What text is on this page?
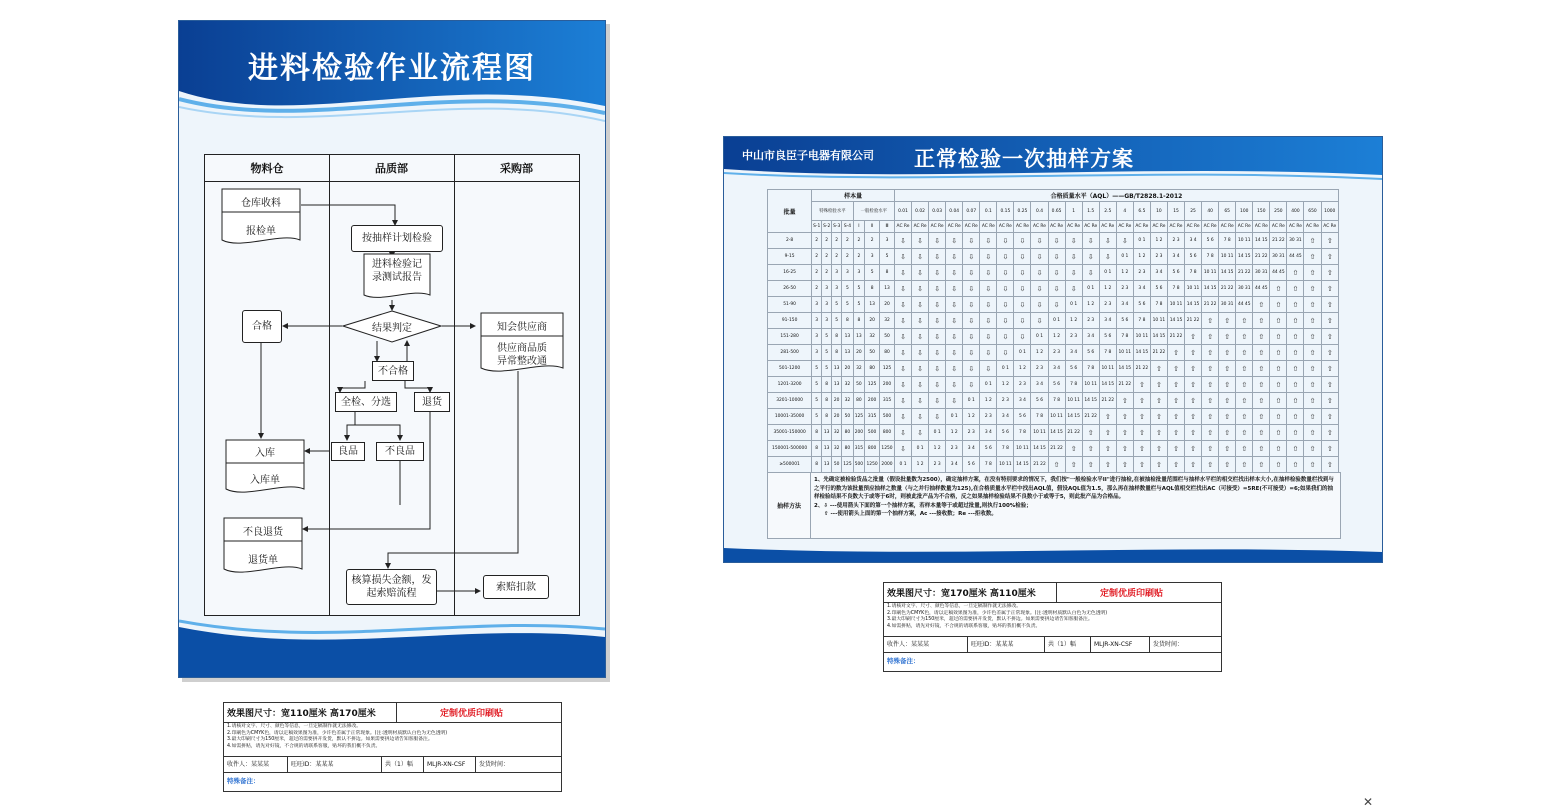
进料检验作业流程图
物料仓	品质部	采购部
仓库收料
报检单
合格
入库
入库单
不良退货
退货单
按抽样计划检验
进料检验记录测试报告
结果判定
不合格
全检、分选	退货
良品	不良品
核算损失金额，发起索赔流程
知会供应商
供应商品质异常整改通
索赔扣款
中山市良臣子电器有限公司 正常检验一次抽样方案
批量	样本量							合格质量水平（AQL）——GB/T2828.1-2012																									
	特殊检验水平				一般检验水平			0.01	0.02	0.03	0.04	0.07	0.1	0.15	0.25	0.4	0.65	1	1.5	2.5	4	6.5	10	15	25	40	65	100	150	250	400	650	1000
	S-1	S-2	S-3	S-4	Ⅰ	Ⅱ	Ⅲ																										
								AC Re	AC Re	AC Re	AC Re	AC Re	AC Re	AC Re	AC Re	AC Re	AC Re	AC Re	AC Re	AC Re	AC Re	AC Re	AC Re	AC Re	AC Re	AC Re	AC Re	AC Re	AC Re	AC Re	AC Re	AC Re	AC Re
2-8	2	2	2	2	2	2	3	⇩	⇩	⇩	⇩	⇩	⇩	⇩	⇩	⇩	⇩	⇩	⇩	⇩	⇩	0 1	1 2	2 3	3 4	5 6	7 8	10 11	14 15	21 22	30 31	⇧	⇧
9-15	2	2	2	2	2	3	5	⇩	⇩	⇩	⇩	⇩	⇩	⇩	⇩	⇩	⇩	⇩	⇩	⇩	0 1	1 2	2 3	3 4	5 6	7 8	10 11	14 15	21 22	30 31	44 45	⇧	⇧
16-25	2	2	3	3	3	5	8	⇩	⇩	⇩	⇩	⇩	⇩	⇩	⇩	⇩	⇩	⇩	⇩	0 1	1 2	2 3	3 4	5 6	7 8	10 11	14 15	21 22	30 31	44 45	⇧	⇧	⇧
26-50	2	3	3	5	5	8	13	⇩	⇩	⇩	⇩	⇩	⇩	⇩	⇩	⇩	⇩	⇩	0 1	1 2	2 3	3 4	5 6	7 8	10 11	14 15	21 22	30 31	44 45	⇧	⇧	⇧	⇧
51-90	3	3	5	5	5	13	20	⇩	⇩	⇩	⇩	⇩	⇩	⇩	⇩	⇩	⇩	0 1	1 2	2 3	3 4	5 6	7 8	10 11	14 15	21 22	30 31	44 45	⇧	⇧	⇧	⇧	⇧
91-150	3	3	5	8	8	20	32	⇩	⇩	⇩	⇩	⇩	⇩	⇩	⇩	⇩	0 1	1 2	2 3	3 4	5 6	7 8	10 11	14 15	21 22	⇧	⇧	⇧	⇧	⇧	⇧	⇧	⇧
151-280	3	5	8	13	13	32	50	⇩	⇩	⇩	⇩	⇩	⇩	⇩	⇩	0 1	1 2	2 3	3 4	5 6	7 8	10 11	14 15	21 22	⇧	⇧	⇧	⇧	⇧	⇧	⇧	⇧	⇧
281-500	3	5	8	13	20	50	80	⇩	⇩	⇩	⇩	⇩	⇩	⇩	0 1	1 2	2 3	3 4	5 6	7 8	10 11	14 15	21 22	⇧	⇧	⇧	⇧	⇧	⇧	⇧	⇧	⇧	⇧
501-1200	5	5	13	20	32	80	125	⇩	⇩	⇩	⇩	⇩	⇩	0 1	1 2	2 3	3 4	5 6	7 8	10 11	14 15	21 22	⇧	⇧	⇧	⇧	⇧	⇧	⇧	⇧	⇧	⇧	⇧
1201-3200	5	8	13	32	50	125	200	⇩	⇩	⇩	⇩	⇩	0 1	1 2	2 3	3 4	5 6	7 8	10 11	14 15	21 22	⇧	⇧	⇧	⇧	⇧	⇧	⇧	⇧	⇧	⇧	⇧	⇧
3201-10000	5	8	20	32	80	200	315	⇩	⇩	⇩	⇩	0 1	1 2	2 3	3 4	5 6	7 8	10 11	14 15	21 22	⇧	⇧	⇧	⇧	⇧	⇧	⇧	⇧	⇧	⇧	⇧	⇧	⇧
10001-35000	5	8	20	50	125	315	500	⇩	⇩	⇩	0 1	1 2	2 3	3 4	5 6	7 8	10 11	14 15	21 22	⇧	⇧	⇧	⇧	⇧	⇧	⇧	⇧	⇧	⇧	⇧	⇧	⇧	⇧
35001-150000	8	13	32	80	200	500	800	⇩	⇩	0 1	1 2	2 3	3 4	5 6	7 8	10 11	14 15	21 22	⇧	⇧	⇧	⇧	⇧	⇧	⇧	⇧	⇧	⇧	⇧	⇧	⇧	⇧	⇧
150001-500000	8	13	32	80	315	800	1250	⇩	0 1	1 2	2 3	3 4	5 6	7 8	10 11	14 15	21 22	⇧	⇧	⇧	⇧	⇧	⇧	⇧	⇧	⇧	⇧	⇧	⇧	⇧	⇧	⇧	⇧
≥500001	8	13	50	125	500	1250	2000	0 1	1 2	2 3	3 4	5 6	7 8	10 11	14 15	21 22	⇧	⇧	⇧	⇧	⇧	⇧	⇧	⇧	⇧	⇧	⇧	⇧	⇧	⇧	⇧	⇧	⇧
抽样方法
1、先确定被检验货品之批量（假设批量数为2500），确定抽样方案，在没有特别要求的情况下，我们按"一般检验水平II"进行抽检,在被抽检批量范围栏与抽样水平栏的相交栏找出样本大小,在抽样检验数量栏找到与之平行的数为该批量预应抽样之数量（与之并行抽样数量为125),在合格质量水平栏中找出AQL值，假设AQL值为1.5，那么再在抽样数量栏与AQL值相交栏找出AC（可接受）=5RE(不可接受）=6;如果我们的抽样检验结果不良数大于或等于6时，则被此批产品为不合格，反之如果抽样检验结果不良数小于或等于5，则此批产品为合格品。
2、⇩ ---使用箭头下面的第一个抽样方案，若样本量等于或超过批量,则执行100%检验；
⇧ ---使用箭头上面的第一个抽样方案，Ac ---接收数；Re ---拒收数。
效果图尺寸：宽170厘米 高110厘米	定制优质印刷贴
1.请核对文字、尺寸、颜色等信息，一旦定稿制作就无法修改。
2.印刷色为CMYK色，请以定稿效果图为准，少许色差属于正常现象。(注:透明材质默认白色为无色透明)
3.最大印刷尺寸为150厘米，超过的需要拼开发货，默认不拼边。如果需要拼边请告知客服备注。
4.如需拼贴，请先对好镜，不合规的请联系客服，贴坏的我们概不负责。
收件人：某某某	旺旺ID：某某某	共（1）幅	MLJR-XN-CSF	发货时间：
特殊备注：
效果图尺寸：宽110厘米 高170厘米	定制优质印刷贴
1.请核对文字、尺寸、颜色等信息，一旦定稿制作就无法修改。
2.印刷色为CMYK色，请以定稿效果图为准，少许色差属于正常现象。(注:透明材质默认白色为无色透明)
3.最大印刷尺寸为150厘米，超过的需要拼开发货，默认不拼边。如果需要拼边请告知客服备注。
4.如需拼贴，请先对好镜，不合规的请联系客服，贴坏的我们概不负责。
收件人：某某某	旺旺ID：某某某	共（1）幅	MLJR-XN-CSF	发货时间：
特殊备注：
✕
